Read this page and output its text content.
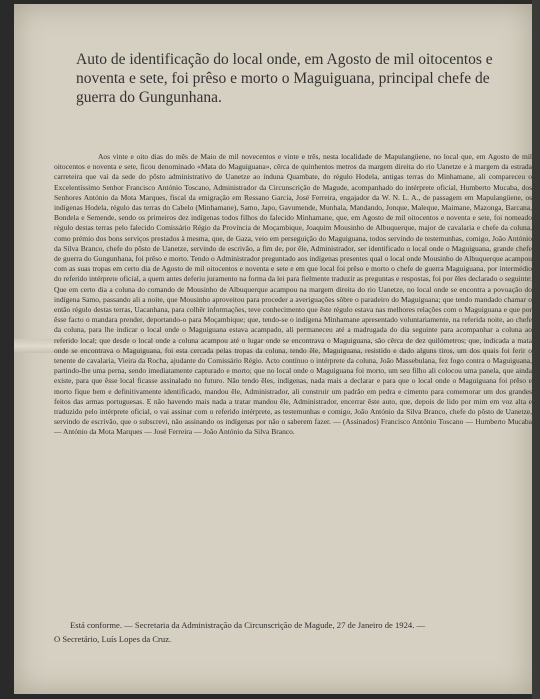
Auto de identificação do local onde, em Agosto de mil oitocentos e noventa e sete, foi prêso e morto o Maguiguana, principal chefe de guerra do Gungunhana.

Aos vinte e oito dias do mês de Maio de mil novecentos e vinte e três, nesta localidade de Mapulangüene, no local que, em Agosto de mil oitocentos e noventa e sete, ficou denominado «Mata do Maguiguana», cêrca de quinhentos metros da margem direita do rio Uanetze e à margem da estrada carreteira que vai da sede do pôsto administrativo de Uanetze ao induna Quambate, do régulo Hodela, antigas terras do Minhamane, ali compareceu o Excelentíssimo Senhor Francisco António Toscano, Administrador da Circunscrição de Magude, acompanhado do intérprete oficial, Humberto Mucaba, dos Senhores António da Mota Marques, fiscal da emigração em Ressano Garcia, José Ferreira, engajador da W. N. L. A., de passagem em Mapulangüene, os indígenas Hodela, régulo das terras do Cabelo (Minhamane), Samo, Japo, Gavumende, Munhala, Mandando, Jonque, Maleque, Maimane, Mazonga, Barcana, Bondela e Semende, sendo os primeiros dez indígenas todos filhos do falecido Minhamane, que, em Agosto de mil oitocentos e noventa e sete, foi nomeado régulo destas terras pelo falecido Comissário Régio da Província de Moçambique, Joaquim Mousinho de Albuquerque, major de cavalaria e chefe da coluna, como prémio dos bons serviços prestados à mesma, que, de Gaza, veio em perseguição do Maguiguana, todos servindo de testemunhas, comigo, João António da Silva Branco, chefe do pôsto de Uanetze, servindo de escrivão, a fim de, por êle, Administrador, ser identificado o local onde o Maguiguana, grande chefe de guerra do Gungunhana, foi prêso e morto. Tendo o Administrador preguntado aos indígenas presentes qual o local onde Mousinho de Albuquerque acampou com as suas tropas em certo dia de Agosto de mil oitocentos e noventa e sete e em que local foi prêso e morto o chefe de guerra Maguiguana, por intermédio do referido intérprete oficial, a quem antes deferiu juramento na forma da lei para fielmente traduzir as preguntas e respostas, foi por êles declarado o seguinte: Que em certo dia a coluna do comando de Mousinho de Albuquerque acampou na margem direita do rio Uanetze, no local onde se encontra a povoação do indígena Samo, passando ali a noite, que Mousinho aproveitou para proceder a averiguações sôbre o paradeiro do Maguiguana; que tendo mandado chamar o então régulo destas terras, Uacanhana, para colhêr informações, teve conhecimento que êste régulo estava nas melhores relações com o Maguiguana e que por êsse facto o mandara prender, deportando-o para Moçambique; que, tendo-se o indígena Minhamane apresentado voluntariamente, na referida noite, ao chefe da coluna, para lhe indicar o local onde o Maguiguana estava acampado, ali permaneceu até a madrugada do dia seguinte para acompanhar a coluna ao referido local; que desde o local onde a coluna acampou até o lugar onde se encontrava o Maguiguana, são cêrca de dez quilómetros; que, indicada a mata onde se encontrava o Maguiguana, foi esta cercada pelas tropas da coluna, tendo êle, Maguiguana, resistido e dado alguns tiros, um dos quais foi ferir o tenente de cavalaria, Vieira da Rocha, ajudante do Comissário Régio. Acto contínuo o intérprete da coluna, João Massebulana, fez fogo contra o Maguiguana, partindo-lhe uma perna, sendo imediatamente capturado e morto; que no local onde o Maguiguana foi morto, um seu filho ali colocou uma panela, que ainda existe, para que êsse local ficasse assinalado no futuro. Não tendo êles, indígenas, nada mais a declarar e para que o local onde o Maguiguana foi prêso e morto fique bem e definitivamente identificado, mandou êle, Administrador, ali construir um padrão em pedra e cimento para comemorar um dos grandes feitos das armas portuguesas. E não havendo mais nada a tratar mandou êle, Administrador, encerrar êste auto, que, depois de lido por mim em voz alta e traduzido pelo intérprete oficial, o vai assinar com o referido intérprete, as testemunhas e comigo, João António da Silva Branco, chefe do pôsto de Uanetze, servindo de escrivão, que o subscrevi, não assinando os indígenas por não o saberem fazer. — (Assinados) Francisco António Toscano — Humberto Mucaba — António da Mota Marques — José Ferreira — João António da Silva Branco.

Está conforme. — Secretaria da Administração da Circunscrição de Magude, 27 de Janeiro de 1924. —
O Secretário, Luís Lopes da Cruz.
